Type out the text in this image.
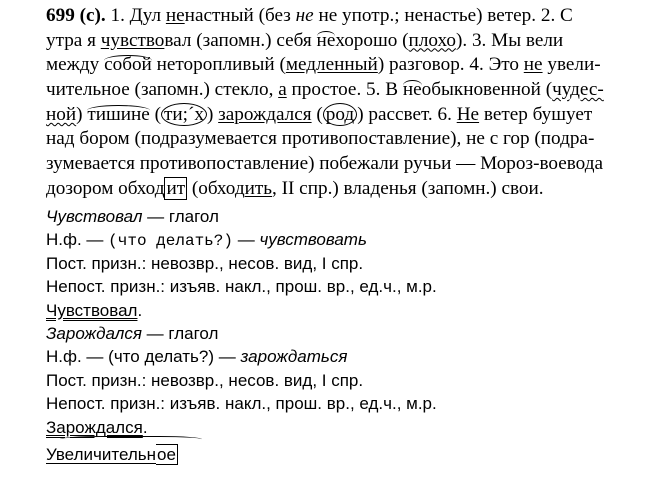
699 (с). 1. Дул ненастный (без не не употр.; ненастье) ветер. 2. С
утра я чувствовал (запомн.) себя нехорошо (плохо). 3. Мы вели
между собой неторопливый (медленный) разговор. 4. Это не увели-
чительное (запомн.) стекло, а простое. 5. В необыкновенной (чудес-
ной) тишине ( ти;´х ) зарождался ( род ) рассвет. 6. Не ветер бушует
над бором (подразумевается противопоставление), не с гор (подра-
зумевается противопоставление) побежали ручьи — Мороз-воевода
дозором обход ит (обходить, II спр.) владенья (запомн.) свои.
Чувствовал — глагол
Н.ф. — (что делать?) — чувствовать
Пост. призн.: невозвр., несов. вид, I спр.
Непост. призн.: изъяв. накл., прош. вр., ед.ч., м.р.
Чувствовал.
Зарождался — глагол
Н.ф. — (что делать?) — зарождаться
Пост. призн.: невозвр., несов. вид, I спр.
Непост. призн.: изъяв. накл., прош. вр., ед.ч., м.р.
Зарождался.
Увеличительное
